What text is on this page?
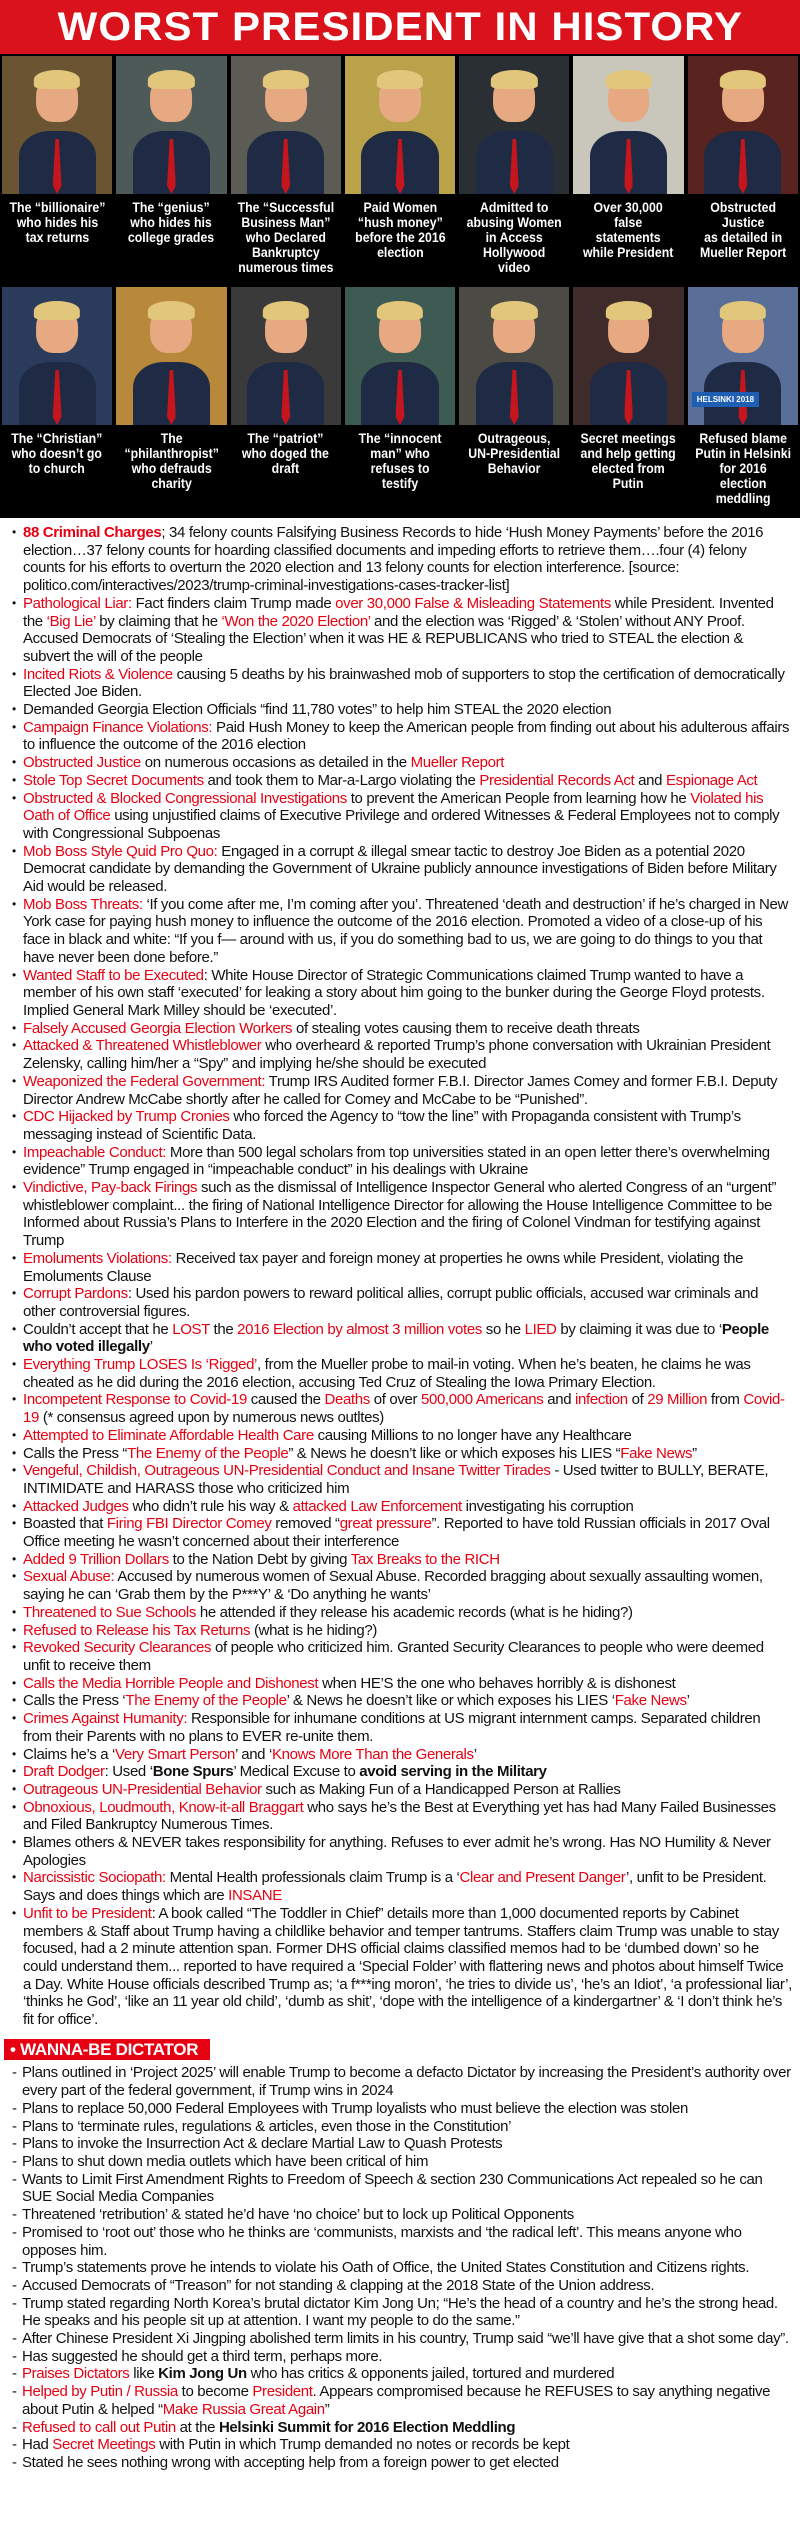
WORST PRESIDENT IN HISTORY
The “billionaire”
who hides his
tax returns
The “genius”
who hides his
college grades
The “Successful
Business Man”
who Declared
Bankruptcy
numerous times
Paid Women
“hush money”
before the 2016
election
Admitted to
abusing Women
in Access
Hollywood video
Over 30,000 false
statements
while President
Obstructed Justice
as detailed in
Mueller Report
The “Christian”
who doesn’t go
to church
The
“philanthropist”
who defrauds
charity
The “patriot”
who doged the
draft
The “innocent
man” who
refuses to
testify
Outrageous,
UN-Presidential
Behavior
Secret meetings
and help getting
elected from
Putin
HELSINKI 2018
Refused blame
Putin in Helsinki
for 2016 election
meddling
• 88 Criminal Charges; 34 felony counts Falsifying Business Records to hide ‘Hush Money Payments’ before the 2016 election…37 felony counts for hoarding classified documents and impeding efforts to retrieve them….four (4) felony counts for his efforts to overturn the 2020 election and 13 felony counts for election interference. [source: politico.com/interactives/2023/trump-criminal-investigations-cases-tracker-list]
• Pathological Liar: Fact finders claim Trump made over 30,000 False & Misleading Statements while President. Invented the ‘Big Lie’ by claiming that he ‘Won the 2020 Election’ and the election was ‘Rigged’ & ‘Stolen’ without ANY Proof. Accused Democrats of ‘Stealing the Election’ when it was HE & REPUBLICANS who tried to STEAL the election & subvert the will of the people
• Incited Riots & Violence causing 5 deaths by his brainwashed mob of supporters to stop the certification of democratically Elected Joe Biden.
• Demanded Georgia Election Officials “find 11,780 votes” to help him STEAL the 2020 election
• Campaign Finance Violations: Paid Hush Money to keep the American people from finding out about his adulterous affairs to influence the outcome of the 2016 election
• Obstructed Justice on numerous occasions as detailed in the Mueller Report
• Stole Top Secret Documents and took them to Mar-a-Largo violating the Presidential Records Act and Espionage Act
• Obstructed & Blocked Congressional Investigations to prevent the American People from learning how he Violated his Oath of Office using unjustified claims of Executive Privilege and ordered Witnesses & Federal Employees not to comply with Congressional Subpoenas
• Mob Boss Style Quid Pro Quo: Engaged in a corrupt & illegal smear tactic to destroy Joe Biden as a potential 2020 Democrat candidate by demanding the Government of Ukraine publicly announce investigations of Biden before Military Aid would be released.
• Mob Boss Threats: ‘If you come after me, I’m coming after you’. Threatened ‘death and destruction’ if he’s charged in New York case for paying hush money to influence the outcome of the 2016 election. Promoted a video of a close-up of his face in black and white: “If you f— around with us, if you do something bad to us, we are going to do things to you that have never been done before.”
• Wanted Staff to be Executed: White House Director of Strategic Communications claimed Trump wanted to have a member of his own staff ‘executed’ for leaking a story about him going to the bunker during the George Floyd protests. Implied General Mark Milley should be ‘executed’.
• Falsely Accused Georgia Election Workers of stealing votes causing them to receive death threats
• Attacked & Threatened Whistleblower who overheard & reported Trump’s phone conversation with Ukrainian President Zelensky, calling him/her a “Spy” and implying he/she should be executed
• Weaponized the Federal Government: Trump IRS Audited former F.B.I. Director James Comey and former F.B.I. Deputy Director Andrew McCabe shortly after he called for Comey and McCabe to be “Punished”.
• CDC Hijacked by Trump Cronies who forced the Agency to “tow the line” with Propaganda consistent with Trump’s messaging instead of Scientific Data.
• Impeachable Conduct: More than 500 legal scholars from top universities stated in an open letter there’s overwhelming evidence” Trump engaged in “impeachable conduct” in his dealings with Ukraine
• Vindictive, Pay-back Firings such as the dismissal of Intelligence Inspector General who alerted Congress of an “urgent” whistleblower complaint... the firing of National Intelligence Director for allowing the House Intelligence Committee to be Informed about Russia’s Plans to Interfere in the 2020 Election and the firing of Colonel Vindman for testifying against Trump
• Emoluments Violations: Received tax payer and foreign money at properties he owns while President, violating the Emoluments Clause
• Corrupt Pardons: Used his pardon powers to reward political allies, corrupt public officials, accused war criminals and other controversial figures.
• Couldn’t accept that he LOST the 2016 Election by almost 3 million votes so he LIED by claiming it was due to ‘People who voted illegally’
• Everything Trump LOSES Is ‘Rigged’, from the Mueller probe to mail-in voting. When he’s beaten, he claims he was cheated as he did during the 2016 election, accusing Ted Cruz of Stealing the Iowa Primary Election.
• Incompetent Response to Covid-19 caused the Deaths of over 500,000 Americans and infection of 29 Million from Covid-19 (* consensus agreed upon by numerous news outltes)
• Attempted to Eliminate Affordable Health Care causing Millions to no longer have any Healthcare
• Calls the Press “The Enemy of the People” & News he doesn’t like or which exposes his LIES “Fake News”
• Vengeful, Childish, Outrageous UN-Presidential Conduct and Insane Twitter Tirades - Used twitter to BULLY, BERATE, INTIMIDATE and HARASS those who criticized him
• Attacked Judges who didn’t rule his way & attacked Law Enforcement investigating his corruption
• Boasted that Firing FBI Director Comey removed “great pressure”. Reported to have told Russian officials in 2017 Oval Office meeting he wasn’t concerned about their interference
• Added 9 Trillion Dollars to the Nation Debt by giving Tax Breaks to the RICH
• Sexual Abuse: Accused by numerous women of Sexual Abuse. Recorded bragging about sexually assaulting women, saying he can ‘Grab them by the P***Y’ & ‘Do anything he wants’
• Threatened to Sue Schools he attended if they release his academic records (what is he hiding?)
• Refused to Release his Tax Returns (what is he hiding?)
• Revoked Security Clearances of people who criticized him. Granted Security Clearances to people who were deemed unfit to receive them
• Calls the Media Horrible People and Dishonest when HE’S the one who behaves horribly & is dishonest
• Calls the Press ‘The Enemy of the People’ & News he doesn’t like or which exposes his LIES ‘Fake News’
• Crimes Against Humanity: Responsible for inhumane conditions at US migrant internment camps. Separated children from their Parents with no plans to EVER re-unite them.
• Claims he’s a ‘Very Smart Person’ and ‘Knows More Than the Generals’
• Draft Dodger: Used ‘Bone Spurs’ Medical Excuse to avoid serving in the Military
• Outrageous UN-Presidential Behavior such as Making Fun of a Handicapped Person at Rallies
• Obnoxious, Loudmouth, Know-it-all Braggart who says he’s the Best at Everything yet has had Many Failed Businesses and Filed Bankruptcy Numerous Times.
• Blames others & NEVER takes responsibility for anything. Refuses to ever admit he’s wrong. Has NO Humility & Never Apologies
• Narcissistic Sociopath: Mental Health professionals claim Trump is a ‘Clear and Present Danger’, unfit to be President. Says and does things which are INSANE
• Unfit to be President: A book called “The Toddler in Chief” details more than 1,000 documented reports by Cabinet members & Staff about Trump having a childlike behavior and temper tantrums. Staffers claim Trump was unable to stay focused, had a 2 minute attention span. Former DHS official claims classified memos had to be ‘dumbed down’ so he could understand them... reported to have required a ‘Special Folder’ with flattering news and photos about himself Twice a Day. White House officials described Trump as; ‘a f***ing moron’, ‘he tries to divide us’, ‘he’s an Idiot’, ‘a professional liar’, ‘thinks he God’, ‘like an 11 year old child’, ‘dumb as shit’, ‘dope with the intelligence of a kindergartner’ & ‘I don’t think he’s fit for office’.
• WANNA-BE DICTATOR
- Plans outlined in ‘Project 2025’ will enable Trump to become a defacto Dictator by increasing the President’s authority over every part of the federal government, if Trump wins in 2024
- Plans to replace 50,000 Federal Employees with Trump loyalists who must believe the election was stolen
- Plans to ‘terminate rules, regulations & articles, even those in the Constitution’
- Plans to invoke the Insurrection Act & declare Martial Law to Quash Protests
- Plans to shut down media outlets which have been critical of him
- Wants to Limit First Amendment Rights to Freedom of Speech & section 230 Communications Act repealed so he can SUE Social Media Companies
- Threatened ‘retribution’ & stated he’d have ‘no choice’ but to lock up Political Opponents
- Promised to ‘root out’ those who he thinks are ‘communists, marxists and ‘the radical left’. This means anyone who opposes him.
- Trump’s statements prove he intends to violate his Oath of Office, the United States Constitution and Citizens rights.
- Accused Democrats of “Treason” for not standing & clapping at the 2018 State of the Union address.
- Trump stated regarding North Korea’s brutal dictator Kim Jong Un; “He’s the head of a country and he’s the strong head. He speaks and his people sit up at attention. I want my people to do the same.”
- After Chinese President Xi Jingping abolished term limits in his country, Trump said “we’ll have give that a shot some day”.
- Has suggested he should get a third term, perhaps more.
- Praises Dictators like Kim Jong Un who has critics & opponents jailed, tortured and murdered
- Helped by Putin / Russia to become President. Appears compromised because he REFUSES to say anything negative about Putin & helped “Make Russia Great Again”
- Refused to call out Putin at the Helsinki Summit for 2016 Election Meddling
- Had Secret Meetings with Putin in which Trump demanded no notes or records be kept
- Stated he sees nothing wrong with accepting help from a foreign power to get elected
